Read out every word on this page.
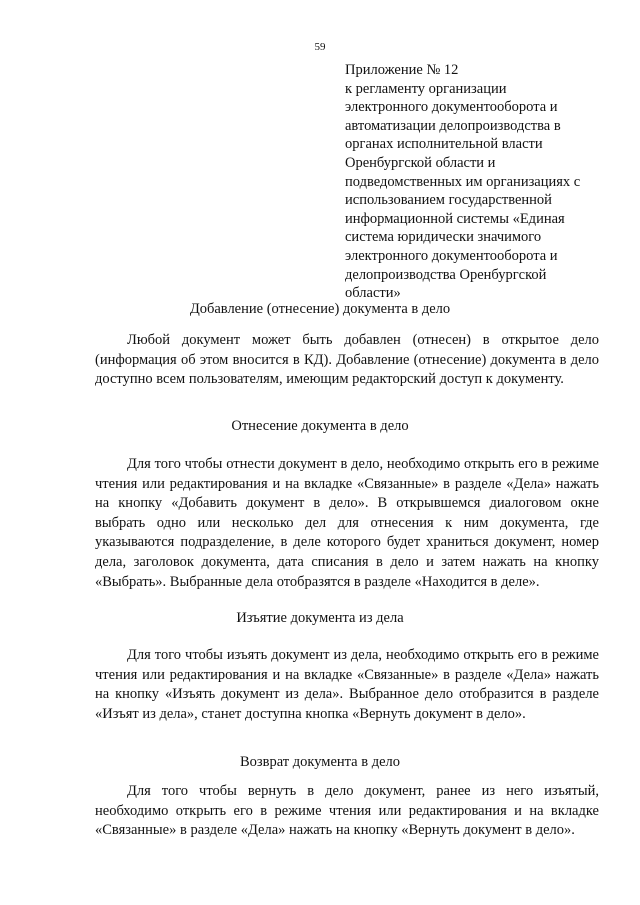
59
Приложение № 12
к регламенту организации
электронного документооборота и
автоматизации делопроизводства в
органах исполнительной власти
Оренбургской области и
подведомственных им организациях с
использованием государственной
информационной системы «Единая
система юридически значимого
электронного документооборота и
делопроизводства Оренбургской
области»
Добавление (отнесение) документа в дело
Любой документ может быть добавлен (отнесен) в открытое дело (информация об этом вносится в КД). Добавление (отнесение) документа в дело доступно всем пользователям, имеющим редакторский доступ к документу.
Отнесение документа в дело
Для того чтобы отнести документ в дело, необходимо открыть его в режиме чтения или редактирования и на вкладке «Связанные» в разделе «Дела» нажать на кнопку «Добавить документ в дело». В открывшемся диалоговом окне выбрать одно или несколько дел для отнесения к ним документа, где указываются подразделение, в деле которого будет храниться документ, номер дела, заголовок документа, дата списания в дело и затем нажать на кнопку «Выбрать». Выбранные дела отобразятся в разделе «Находится в деле».
Изъятие документа из дела
Для того чтобы изъять документ из дела, необходимо открыть его в режиме чтения или редактирования и на вкладке «Связанные» в разделе «Дела» нажать на кнопку «Изъять документ из дела». Выбранное дело отобразится в разделе «Изъят из дела», станет доступна кнопка «Вернуть документ в дело».
Возврат документа в дело
Для того чтобы вернуть в дело документ, ранее из него изъятый, необходимо открыть его в режиме чтения или редактирования и на вкладке «Связанные» в разделе «Дела» нажать на кнопку «Вернуть документ в дело».
